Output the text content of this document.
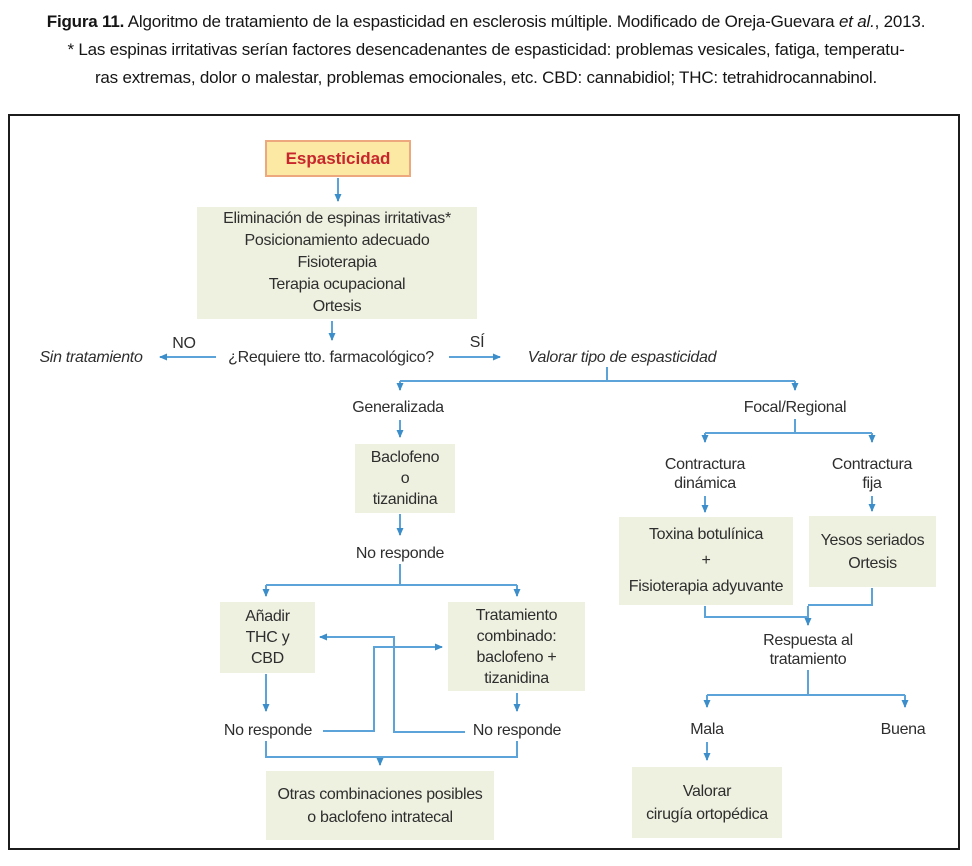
Figura 11. Algoritmo de tratamiento de la espasticidad en esclerosis múltiple. Modificado de Oreja-Guevara et al., 2013.
* Las espinas irritativas serían factores desencadenantes de espasticidad: problemas vesicales, fatiga, temperatu-
ras extremas, dolor o malestar, problemas emocionales, etc. CBD: cannabidiol; THC: tetrahidrocannabinol.
Espasticidad
Eliminación de espinas irritativas*
Posicionamiento adecuado
Fisioterapia
Terapia ocupacional
Ortesis
Sin tratamiento
NO
¿Requiere tto. farmacológico?
SÍ
Valorar tipo de espasticidad
Generalizada
Baclofeno
o
tizanidina
No responde
Añadir
THC y
CBD
Tratamiento
combinado:
baclofeno +
tizanidina
No responde	No responde
Otras combinaciones posibles
o baclofeno intratecal
Focal/Regional
Contractura
dinámica
Contractura
fija
Toxina botulínica
+
Fisioterapia adyuvante
Yesos seriados
Ortesis
Respuesta al
tratamiento
Mala	Buena
Valorar
cirugía ortopédica
